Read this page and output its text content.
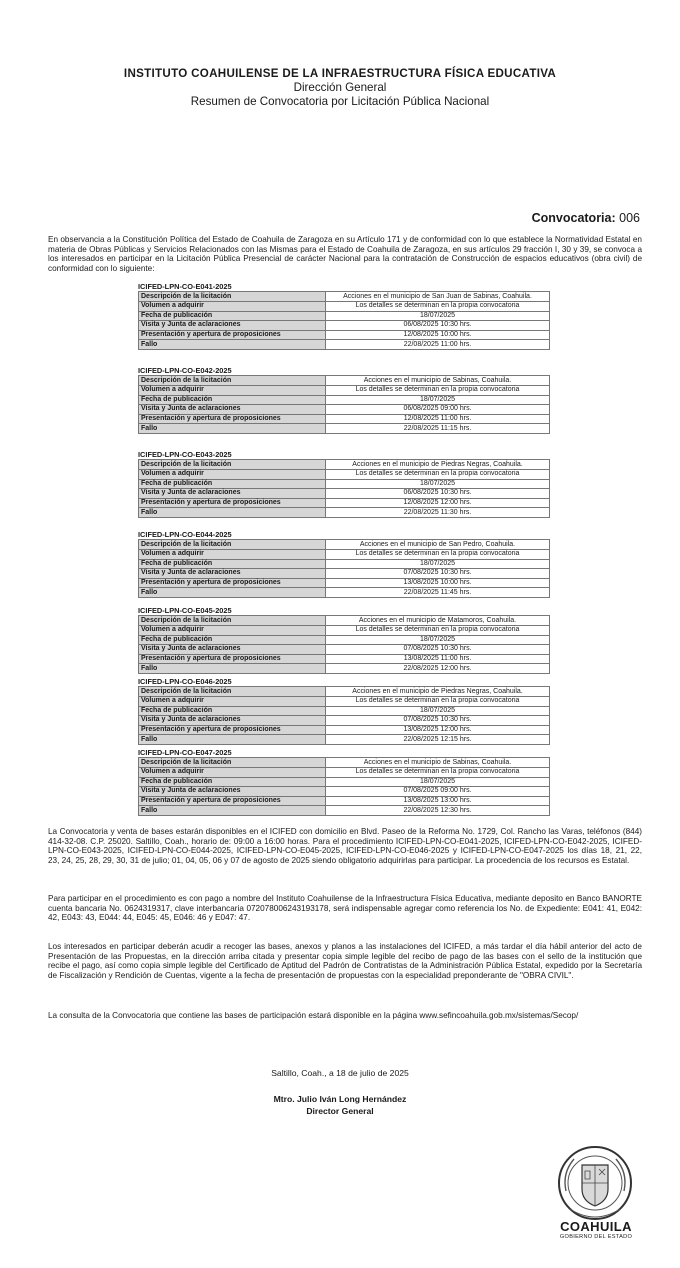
INSTITUTO COAHUILENSE DE LA INFRAESTRUCTURA FÍSICA EDUCATIVA
Dirección General
Resumen de Convocatoria por Licitación Pública Nacional
Convocatoria: 006
En observancia a la Constitución Política del Estado de Coahuila de Zaragoza en su Artículo 171 y de conformidad con lo que establece la Normatividad Estatal en materia de Obras Públicas y Servicios Relacionados con las Mismas para el Estado de Coahuila de Zaragoza, en sus artículos 29 fracción I, 30 y 39, se convoca a los interesados en participar en la Licitación Pública Presencial de carácter Nacional para la contratación de Construcción de espacios educativos (obra civil) de conformidad con lo siguiente:
ICIFED-LPN-CO-E041-2025
Descripción de la licitación	Acciones en el municipio de San Juan de Sabinas, Coahuila.
Volumen a adquirir	Los detalles se determinan en la propia convocatoria
Fecha de publicación	18/07/2025
Visita y Junta de aclaraciones	06/08/2025 10:30 hrs.
Presentación y apertura de proposiciones	12/08/2025 10:00 hrs.
Fallo	22/08/2025 11:00 hrs.
ICIFED-LPN-CO-E042-2025
Descripción de la licitación	Acciones en el municipio de Sabinas, Coahuila.
Volumen a adquirir	Los detalles se determinan en la propia convocatoria
Fecha de publicación	18/07/2025
Visita y Junta de aclaraciones	06/08/2025 09:00 hrs.
Presentación y apertura de proposiciones	12/08/2025 11:00 hrs.
Fallo	22/08/2025 11:15 hrs.
ICIFED-LPN-CO-E043-2025
Descripción de la licitación	Acciones en el municipio de Piedras Negras, Coahuila.
Volumen a adquirir	Los detalles se determinan en la propia convocatoria
Fecha de publicación	18/07/2025
Visita y Junta de aclaraciones	06/08/2025 10:30 hrs.
Presentación y apertura de proposiciones	12/08/2025 12:00 hrs.
Fallo	22/08/2025 11:30 hrs.
ICIFED-LPN-CO-E044-2025
Descripción de la licitación	Acciones en el municipio de San Pedro, Coahuila.
Volumen a adquirir	Los detalles se determinan en la propia convocatoria
Fecha de publicación	18/07/2025
Visita y Junta de aclaraciones	07/08/2025 10:30 hrs.
Presentación y apertura de proposiciones	13/08/2025 10:00 hrs.
Fallo	22/08/2025 11:45 hrs.
ICIFED-LPN-CO-E045-2025
Descripción de la licitación	Acciones en el municipio de Matamoros, Coahuila.
Volumen a adquirir	Los detalles se determinan en la propia convocatoria
Fecha de publicación	18/07/2025
Visita y Junta de aclaraciones	07/08/2025 10:30 hrs.
Presentación y apertura de proposiciones	13/08/2025 11:00 hrs.
Fallo	22/08/2025 12:00 hrs.
ICIFED-LPN-CO-E046-2025
Descripción de la licitación	Acciones en el municipio de Piedras Negras, Coahuila.
Volumen a adquirir	Los detalles se determinan en la propia convocatoria
Fecha de publicación	18/07/2025
Visita y Junta de aclaraciones	07/08/2025 10:30 hrs.
Presentación y apertura de proposiciones	13/08/2025 12:00 hrs.
Fallo	22/08/2025 12:15 hrs.
ICIFED-LPN-CO-E047-2025
Descripción de la licitación	Acciones en el municipio de Sabinas, Coahuila.
Volumen a adquirir	Los detalles se determinan en la propia convocatoria
Fecha de publicación	18/07/2025
Visita y Junta de aclaraciones	07/08/2025 09:00 hrs.
Presentación y apertura de proposiciones	13/08/2025 13:00 hrs.
Fallo	22/08/2025 12:30 hrs.
La Convocatoria y venta de bases estarán disponibles en el ICIFED con domicilio en Blvd. Paseo de la Reforma No. 1729, Col. Rancho las Varas, teléfonos (844) 414-32-08. C.P. 25020. Saltillo, Coah., horario de: 09:00 a 16:00 horas. Para el procedimiento ICIFED-LPN-CO-E041-2025, ICIFED-LPN-CO-E042-2025, ICIFED-LPN-CO-E043-2025, ICIFED-LPN-CO-E044-2025, ICIFED-LPN-CO-E045-2025, ICIFED-LPN-CO-E046-2025 y ICIFED-LPN-CO-E047-2025 los días 18, 21, 22, 23, 24, 25, 28, 29, 30, 31 de julio; 01, 04, 05, 06 y 07 de agosto de 2025 siendo obligatorio adquirirlas para participar. La procedencia de los recursos es Estatal.
Para participar en el procedimiento es con pago a nombre del Instituto Coahuilense de la Infraestructura Física Educativa, mediante deposito en Banco BANORTE cuenta bancaria No. 0624319317, clave interbancaria 072078006243193178, será indispensable agregar como referencia los No. de Expediente: E041: 41, E042: 42, E043: 43, E044: 44, E045: 45, E046: 46 y E047: 47.
Los interesados en participar deberán acudir a recoger las bases, anexos y planos a las instalaciones del ICIFED, a más tardar el día hábil anterior del acto de Presentación de las Propuestas, en la dirección arriba citada y presentar copia simple legible del recibo de pago de las bases con el sello de la institución que recibe el pago, así como copia simple legible del Certificado de Aptitud del Padrón de Contratistas de la Administración Pública Estatal, expedido por la Secretaría de Fiscalización y Rendición de Cuentas, vigente a la fecha de presentación de propuestas con la especialidad preponderante de "OBRA CIVIL".
La consulta de la Convocatoria que contiene las bases de participación estará disponible en la página www.sefincoahuila.gob.mx/sistemas/Secop/
Saltillo, Coah., a 18 de julio de 2025
Mtro. Julio Iván Long Hernández
Director General
COAHUILA
GOBIERNO DEL ESTADO
